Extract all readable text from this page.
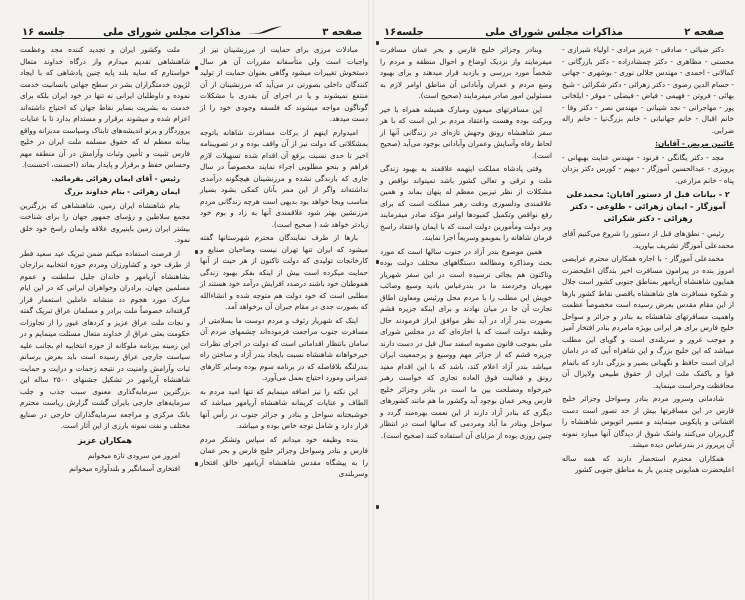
صفحه ۳
مذاکرات مجلس شورای ملی
جلسه ۱۶

مبادلات مرزی برای حمایت از مرزنشینان نیز از واجبات است ولی متأسفانه مقررات آن هر سال دستخوش تغییرات میشود وگاهی بعنوان حمایت از تولید کنندگان داخلی بصورتی در می‌آید که مرزنشینان از آن منتفع نمیشوند و یا در اجرای آن بقدری با مشکلات گوناگون مواجه میشوند که فلسفه وجودی خود را از دست میدهد.

امیدوارم اینهم از برکات مسافرت شاهانه باتوجه بمشکلاتی که دولت نیز از آن واقف بوده و در تصویبنامه اخیر تا حدی نسبت برفع آن اقدام شده تسهیلات لازم فراهم و بنحو مطلوبی اجراء نمایند مخصوصاً در سال جاری که بارندگی نشده و مرزنشینان هیچگونه درآمدی نداشته‌اند واگر از این ممر بآنان کمکی بشود بسیار مناسب وبجا خواهد بود بدیهی است هرچه زندگانی مردم مرزنشین بهتر شود علاقمندی آنها به زاد و بوم خود زیادتر خواهد شد ( صحیح است).

بارها از طرف نمایندگان محترم شهرستانها گفته میشود که ایران تنها تهران نیست وصاحبان صنایع و کارخانجات تولیدی که دولت تاکنون از هر حیث از آنها حمایت میکرده است بیش از اینکه بفکر بهبود زندگی هموطنان خود باشند درصدد افزایش درآمد خود هستند از مطلبی است که خود دولت هم متوجه شده و انشاءالله که بصورت جدی در مقام جبران آن برخواهد آمد.

اینک که شهریار رئوف و مردم دوست ما بسلامتی از مسافرت جنوب مراجعت فرموده‌اند چشمهای مردم آن سامان بانتظار اقداماتی است که دولت در اجرای نظرات خیرخواهانه شاهنشاه نسبت بایجاد بندر آزاد و ساختن راه بندرلنگه بلافاصله که در برنامه سوم بوده وسایر کارهای عمرانی ومورد احتیاج بعمل می‌آورد.

این نکته را نیز اضافه مینمایم که تنها امید مردم به الطاف و عنایات کریمانه شاهنشاه آریامهر میباشد که خوشبختانه سواحل و بنادر و جزائر جنوب در رأس آنها قرار دارد و شامل توجه خاص بوده و میباشد.

بنده وظیفه خود میدانم که سپاس وتشکر مردم فارس و بنادر وسواحل وجزائر خلیج فارس و بحر عمان را به پیشگاه مقدس شاهنشاه آریامهر خالق افتخار وسربلندی

ملت وکشور ایران و تجدید کننده مجد وعظمت شاهنشاهی تقدیم میدارم واز درگاه خداوند متعال خواستارم که سایه بلند پایه چنین پادشاهی که با ایجاد لژیون خدمتگزاران بشر در سطح جهانی بانسانیت خدمت نموده و داوطلبان ایرانی نه تنها در خود ایران بلکه برای خدمت به بشریت بسایر نقاط جهان که احتیاج داشته‌اند اعزام شده و میشوند برقرار و مستدام بدارد تا با عنایات پروردگار و پرتو اندیشه‌های تابناک وسیاست مدبرانه وواقع بینانه معظم له که حقوق مسلمه ملت ایران در خلیج فارس تثبیت و تأمین وثبات وآرامش در آن منطقه مهم وحساس حفظ و برقرار و پایدار بماند (احسنت، احسنت).

رئیس - آقای ایمان زهرائی بفرمائید.

ایمان زهرائی - بنام خداوند بزرگ

بنام شاهنشاه ایران زمین، شاهنشاهی که بزرگترین مجمع سلاطین و رؤسای جمهور جهان را برای شناخت بیشتر ایران زمین باینیروی علاقه وایمان راسخ خود خلق نمود.

از فرصت استفاده میکنم ضمن تبریک عید سعید فطر از طرف خود و کشاورزان ومردم حوزه انتخابیه برازجان بشاهنشاه آریامهر و خاندان جلیل سلطنت و عموم مسلمین جهان، برادران وخواهران ایرانی که در این ایام مبارک مورد هجوم دد منشانه عاملین استعمار قرار گرفته‌اند خصوصاً ملت برادر و مسلمان عراق تبریک گفته و نجات ملت عراق عزیز و کردهای غیور را از تجاوزات حکومت بعثی عراق از خداوند متعال مسئلت مینمایم و در این زمینه بیزنامه ملوکانه از حوزه انتخابیه ام بجانب علیه سیاست جارچی عراق رسیده است باید بعرض برسانم ثبات وآرامش وامنیت در نتیجه زحمات و درایت و حمایت شاهنشاه آریامهر در تشکیل جشنهای ۲۵۰۰ ساله این بزرگترین سرمایه‌گذاری معنوی سبب جذب و جلب سرمایه‌های خارجی بایران گشت گزارش ریاست محترم بانک مرکزی و مراجعه سرمایه‌گذاران خارجی در صنایع مختلف و نفت نمونه بارزی از این آثار است.

همکاران عزیز

امروز من سرودی تازه میخوانم

افتخاری آسمانگیر و بلندآوازه میخوانم

صفحه ۲
مذاکرات مجلس شورای ملی
جلسه۱۶

دکتر ضیائی - صادقی - عزیز مرادی - اولیاء شیرازی - محسنی - مظاهری - دکتر چمشادزاده - دکتر بازرگانی - کمالانی - احمدی - مهندس جلالی نوری - بوشهری - جهانی - حسام الدین رضوی - دکتر زهرائی - دکتر شکرائی - شیخ بهائی - فروتن - فهیمی - فیاض - فیضلی - موقر - ایلخانی پور - مهاجرانی - نجد شیبانی - مهندس نصر - دکتر وفا - خانم اقبال - خانم جهانبانی - خانم بزرگ‌نیا - خانم زاله ضرابی.

غائبین مریض - آقایان:

مجد - دکتر یگانگی - فرنود - مهندس عنایت بهبهانی - پرویزی - عبدالحسین آموزگار - دیهیم - کورس دکتر یزدان پناه - خانم مزارعی.

۲ - بیانات قبل از دستور آقایان: محمدعلی آموزگار - ایمان زهرائی - طلوعی - دکتر زهرائی - دکتر شکرائی

رئیس - نطق‌های قبل از دستور را شروع می‌کنیم آقای محمدعلی آموزگار تشریف بیاورید.

محمدعلی آموزگار - با اجازه همکاران محترم عرایضی امروز بنده در پیرامون مسافرت اخیر بندگان اعلیحضرت همایون شاهنشاه آریامهر بمناطق جنوبی کشور است جلال و شکوه مسافرت های شاهنشاه باقصی نقاط کشور بارها از این مقام مقدس بعرض رسیده است مخصوصاً عظمت واهمیت مسافرتهای شاهنشاه به بنادر و جزائر و سواحل خلیج فارس برای هر ایرانی بویژه مامردم بنادر افتخار آمیز و موجب غرور و سربلندی است و گویای این مطلب میباشد که این خلیج بزرگ و این شاهراه آبی که در دامان ایران است حافظ و نگهبانی بصیر و بزرگی دارد که باتمام قوا و باکمک ملت ایران از حقوق طبیعی ولایزال آن محافظت وحراست مینماید.

شادمانی وسرور مردم بنادر وسواحل وجزائر خلیج فارس در این مسافرتها بیش از حد تصور است دست افشانی و پایکوبی مینمایند و مسیر اتوبوس شاهنشاه را گل‌ریزان می‌کنند واشک شوق از دیدگان آنها میبارد نمونه آن پریروز در بندرعباس دیده میشد.

همکاران محترم استحضار دارند که همه ساله اعلیحضرت همایونی چندین بار به مناطق جنوبی کشور

وبنادر وجزائر خلیج فارس و بحر عمان مسافرت میفرمایند واز نزدیک اوضاع و احوال منطقه و مردم را شخصاً مورد بررسی و بازدید قرار میدهند و برای بهبود وضع مردم و عمران وآبادانی آن مناطق اوامر لازم به مسئولین امور صادر میفرمایند (صحیح است).

این مسافرتهای میمون ومبارک همیشه همراه با خیر وبرکت بوده وهست واعتقاد مردم بر این است که با هر سفر شاهنشاه رونق وجهش تازه‌ای در زندگانی آنها از لحاظ رفاه وآسایش وعمران وآبادانی بوجود می‌آید (صحیح است).

وقتی پادشاه مملکت اینهمه علاقمند به بهبود زندگی ملت و ترقی و تعالی کشور باشد نمیتواند نواقص و مشکلات از نظر تیزبین معظم له پنهان بماند و همین علاقمندی ودلسوزی ودقت رهبر مملکت است که برای رفع نواقص وتکمیل کمبودها اوامر مؤکد صادر میفرمایند وبر دولت ومأمورین دولت است که با ایمان واعتقاد راسخ فرمان شاهانه را بموبمو وسریعاً اجرا نمایند.

همین موضوع بندر آزاد در جنوب سالها است که مورد بحث ومذاکره ومطالعه دستگاههای مختلف دولت بوده وتاکنون هم بجائی نرسیده است در این سفر شهریار مهربان وخردمند ما در بندرعباس باديد وسیع وصائب خویش این مطلب را با مردم محل ورئیس ومعاون اطاق تجارت آن جا در میان نهادند و برای اینکه جزیره قشم بصورت بندر آزاد در آید نظر موافق ابراز فرمودند حال وظیفه دولت است که با اجازه‌ای که در مجلس شورای ملی بموجب قانون مصوبه اسفند سال قبل در دست دارند جزیره قشم که از جزائر مهم ووسیع و پرجمعیت ایران میباشد بندر آزاد اعلام کند، باشد که با این اقدام مفید رونق و فعالیت فوق العاده تجاری که خواست رهبر خیرخواه ومصلحت بین ما است در بنادر وجزائر خلیج فارس وبحر عمان بوجود آید وکشور ما هم مانند کشورهای دیگری که بنادر آزاد دارند از این نعمت بهره‌مند گردد و سواحل وبنادر ما آباد ومردمی که سالها است در انتظار چنین روزی بوده از مزایای آن استفاده کنند (صحیح است).
